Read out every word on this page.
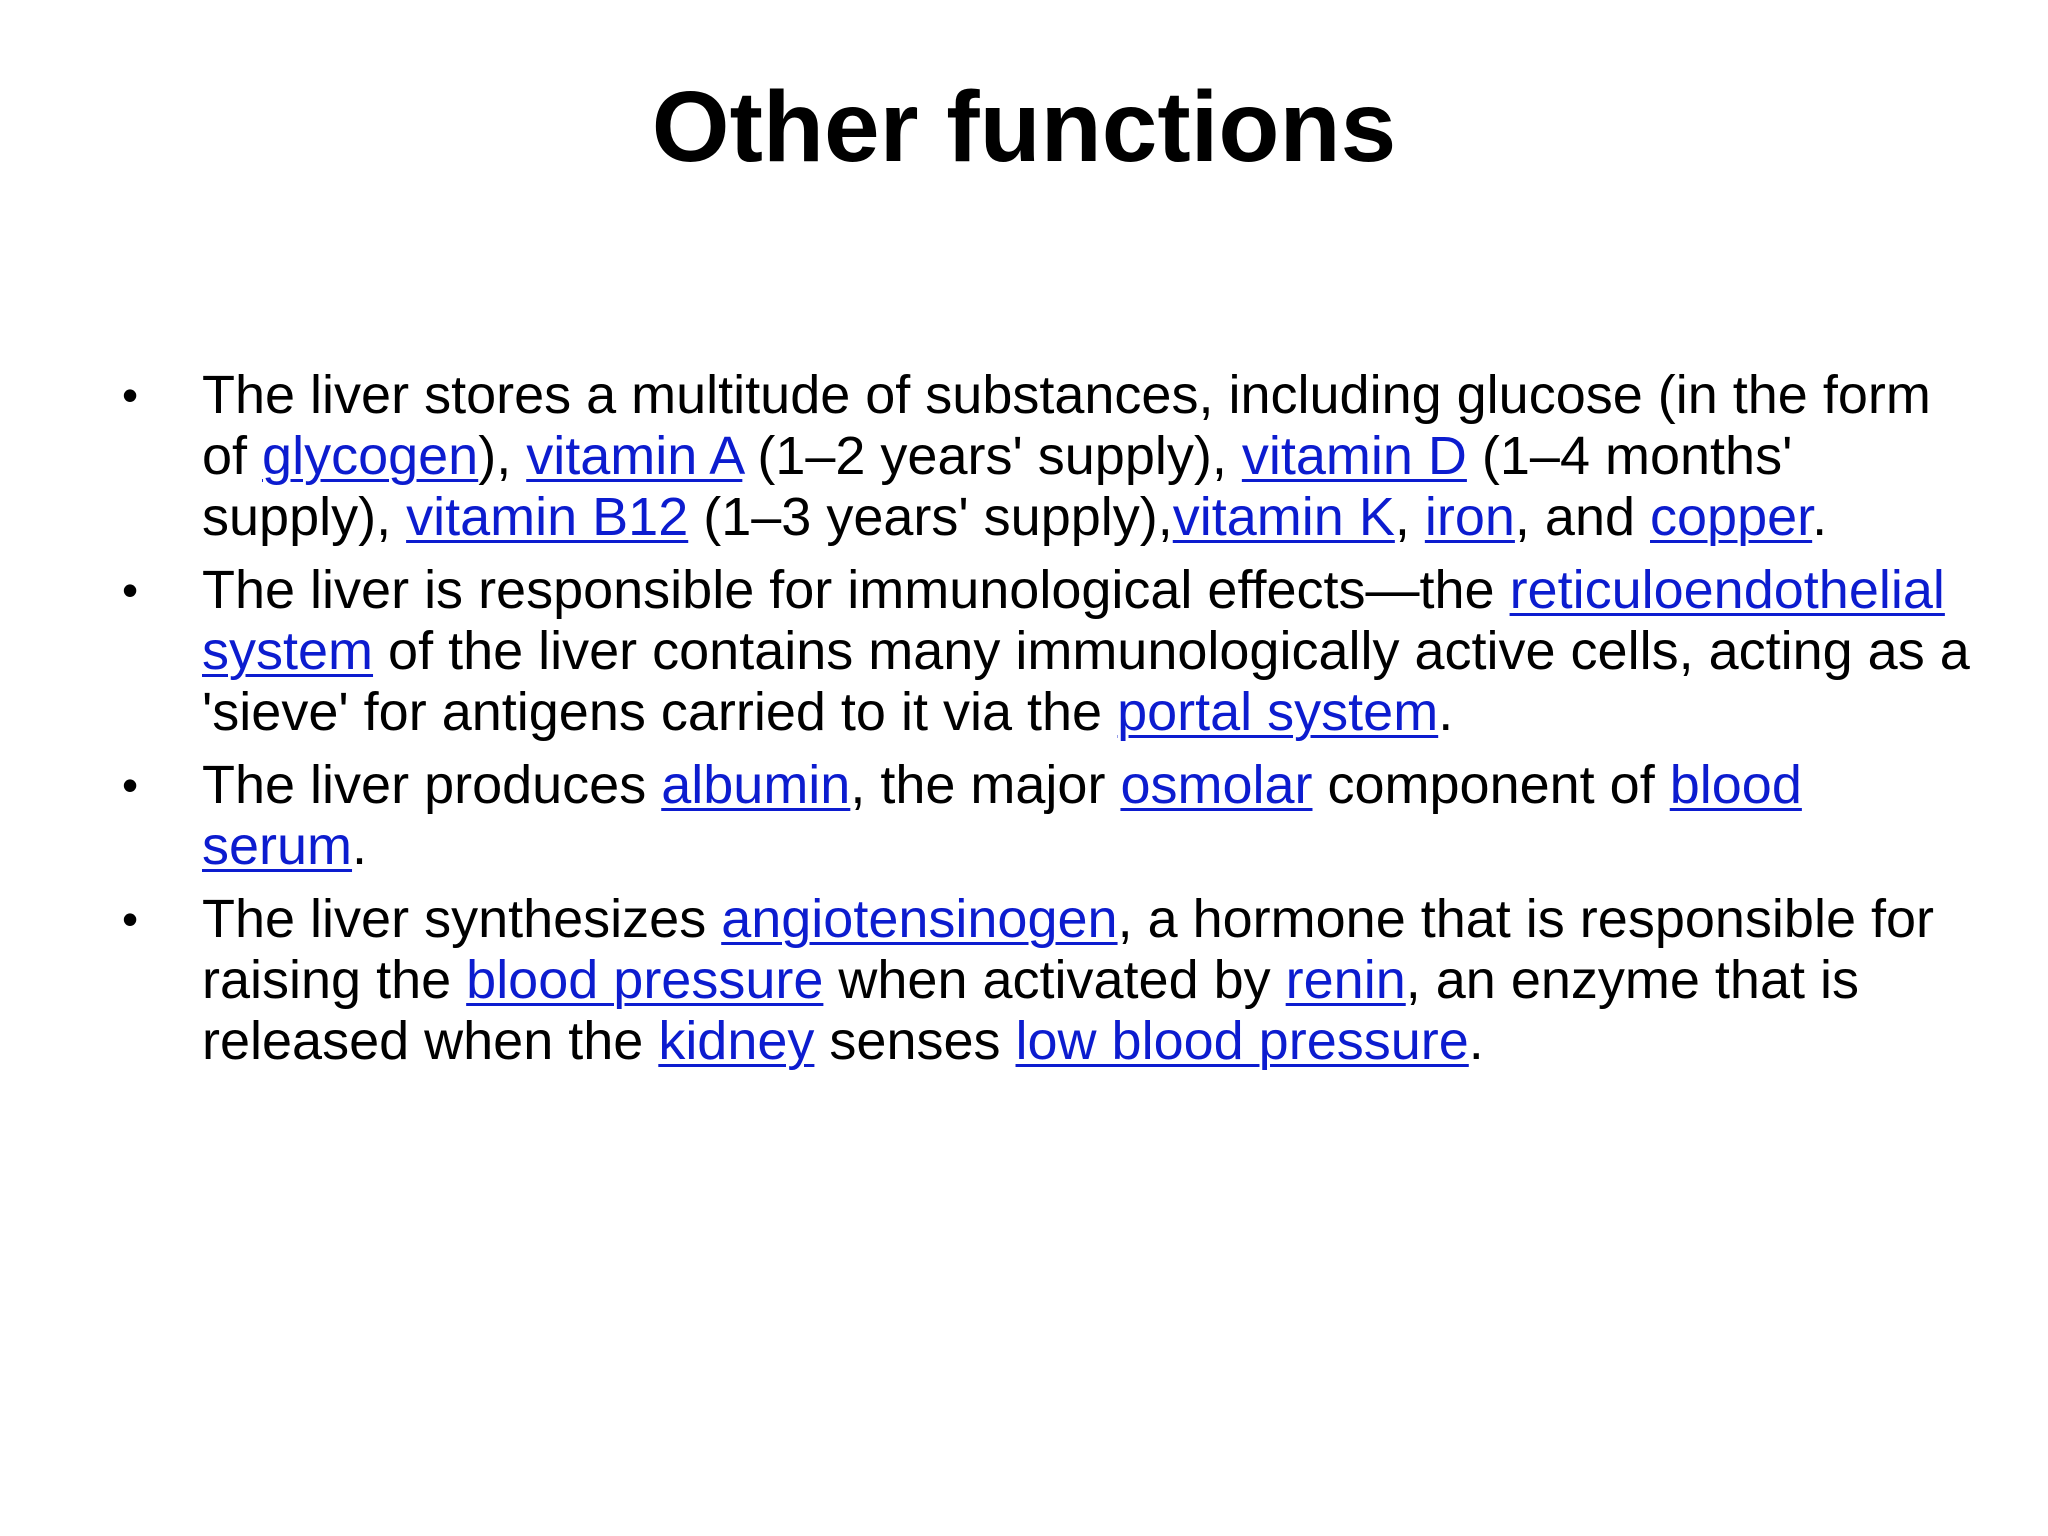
Other functions
• The liver stores a multitude of substances, including glucose (in the form of glycogen), vitamin A (1–2 years' supply), vitamin D (1–4 months' supply), vitamin B12 (1–3 years' supply),vitamin K, iron, and copper.
• The liver is responsible for immunological effects—the reticuloendothelial system of the liver contains many immunologically active cells, acting as a 'sieve' for antigens carried to it via the portal system.
• The liver produces albumin, the major osmolar component of blood serum.
• The liver synthesizes angiotensinogen, a hormone that is responsible for raising the blood pressure when activated by renin, an enzyme that is released when the kidney senses low blood pressure.
